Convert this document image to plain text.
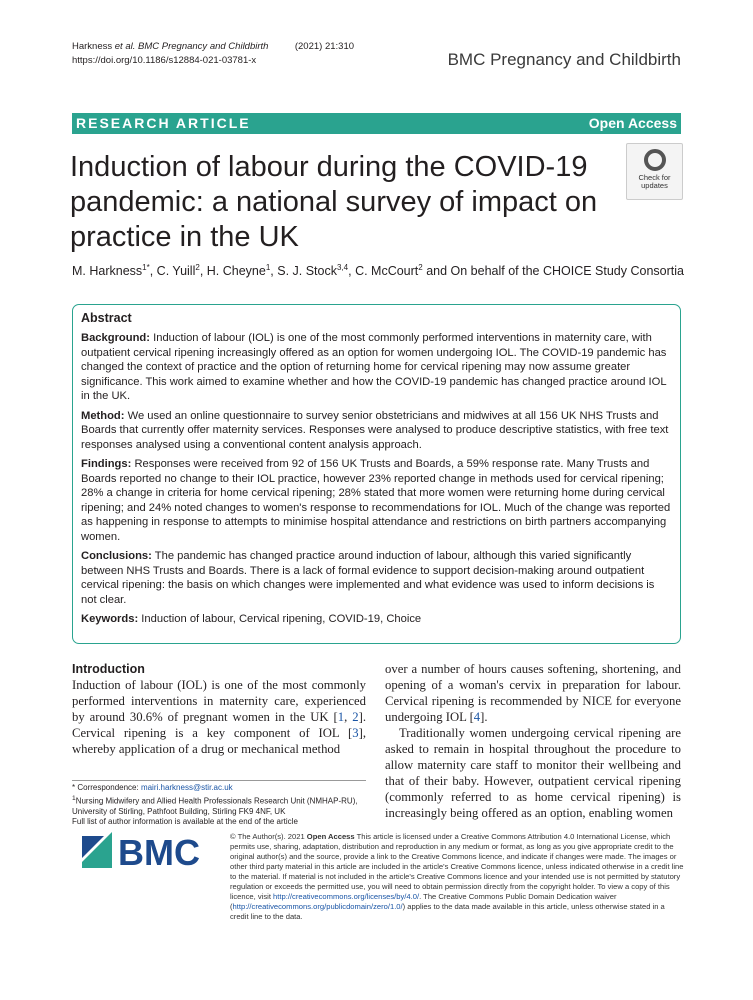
Harkness et al. BMC Pregnancy and Childbirth	(2021) 21:310
https://doi.org/10.1186/s12884-021-03781-x	BMC Pregnancy and Childbirth
RESEARCH ARTICLE	Open Access
Induction of labour during the COVID-19 pandemic: a national survey of impact on practice in the UK
Check for
updates
M. Harkness$^{1*}$, C. Yuill$^2$, H. Cheyne$^1$, S. J. Stock$^{3,4}$, C. McCourt$^2$ and On behalf of the CHOICE Study Consortia
Abstract

Background: Induction of labour (IOL) is one of the most commonly performed interventions in maternity care, with outpatient cervical ripening increasingly offered as an option for women undergoing IOL. The COVID-19 pandemic has changed the context of practice and the option of returning home for cervical ripening may now assume greater significance. This work aimed to examine whether and how the COVID-19 pandemic has changed practice around IOL in the UK.

Method: We used an online questionnaire to survey senior obstetricians and midwives at all 156 UK NHS Trusts and Boards that currently offer maternity services. Responses were analysed to produce descriptive statistics, with free text responses analysed using a conventional content analysis approach.

Findings: Responses were received from 92 of 156 UK Trusts and Boards, a 59% response rate. Many Trusts and Boards reported no change to their IOL practice, however 23% reported change in methods used for cervical ripening; 28% a change in criteria for home cervical ripening; 28% stated that more women were returning home during cervical ripening; and 24% noted changes to women's response to recommendations for IOL. Much of the change was reported as happening in response to attempts to minimise hospital attendance and restrictions on birth partners accompanying women.

Conclusions: The pandemic has changed practice around induction of labour, although this varied significantly between NHS Trusts and Boards. There is a lack of formal evidence to support decision-making around outpatient cervical ripening: the basis on which changes were implemented and what evidence was used to inform decisions is not clear.

Keywords: Induction of labour, Cervical ripening, COVID-19, Choice

Introduction

Induction of labour (IOL) is one of the most commonly performed interventions in maternity care, experienced by around 30.6% of pregnant women in the UK [1, 2]. Cervical ripening is a key component of IOL [3], whereby application of a drug or mechanical method

over a number of hours causes softening, shortening, and opening of a woman's cervix in preparation for labour. Cervical ripening is recommended by NICE for everyone undergoing IOL [4].

Traditionally women undergoing cervical ripening are asked to remain in hospital throughout the procedure to allow maternity care staff to monitor their wellbeing and that of their baby. However, outpatient cervical ripening (commonly referred to as home cervical ripening) is increasingly being offered as an option, enabling women

* Correspondence: mairi.harkness@stir.ac.uk
$^1$Nursing Midwifery and Allied Health Professionals Research Unit (NMHAP-RU), University of Stirling, Pathfoot Building, Stirling FK9 4NF, UK
Full list of author information is available at the end of the article
BMC	© The Author(s). 2021 Open Access This article is licensed under a Creative Commons Attribution 4.0 International License, which permits use, sharing, adaptation, distribution and reproduction in any medium or format, as long as you give appropriate credit to the original author(s) and the source, provide a link to the Creative Commons licence, and indicate if changes were made. The images or other third party material in this article are included in the article's Creative Commons licence, unless indicated otherwise in a credit line to the material. If material is not included in the article's Creative Commons licence and your intended use is not permitted by statutory regulation or exceeds the permitted use, you will need to obtain permission directly from the copyright holder. To view a copy of this licence, visit http://creativecommons.org/licenses/by/4.0/. The Creative Commons Public Domain Dedication waiver (http://creativecommons.org/publicdomain/zero/1.0/) applies to the data made available in this article, unless otherwise stated in a credit line to the data.
